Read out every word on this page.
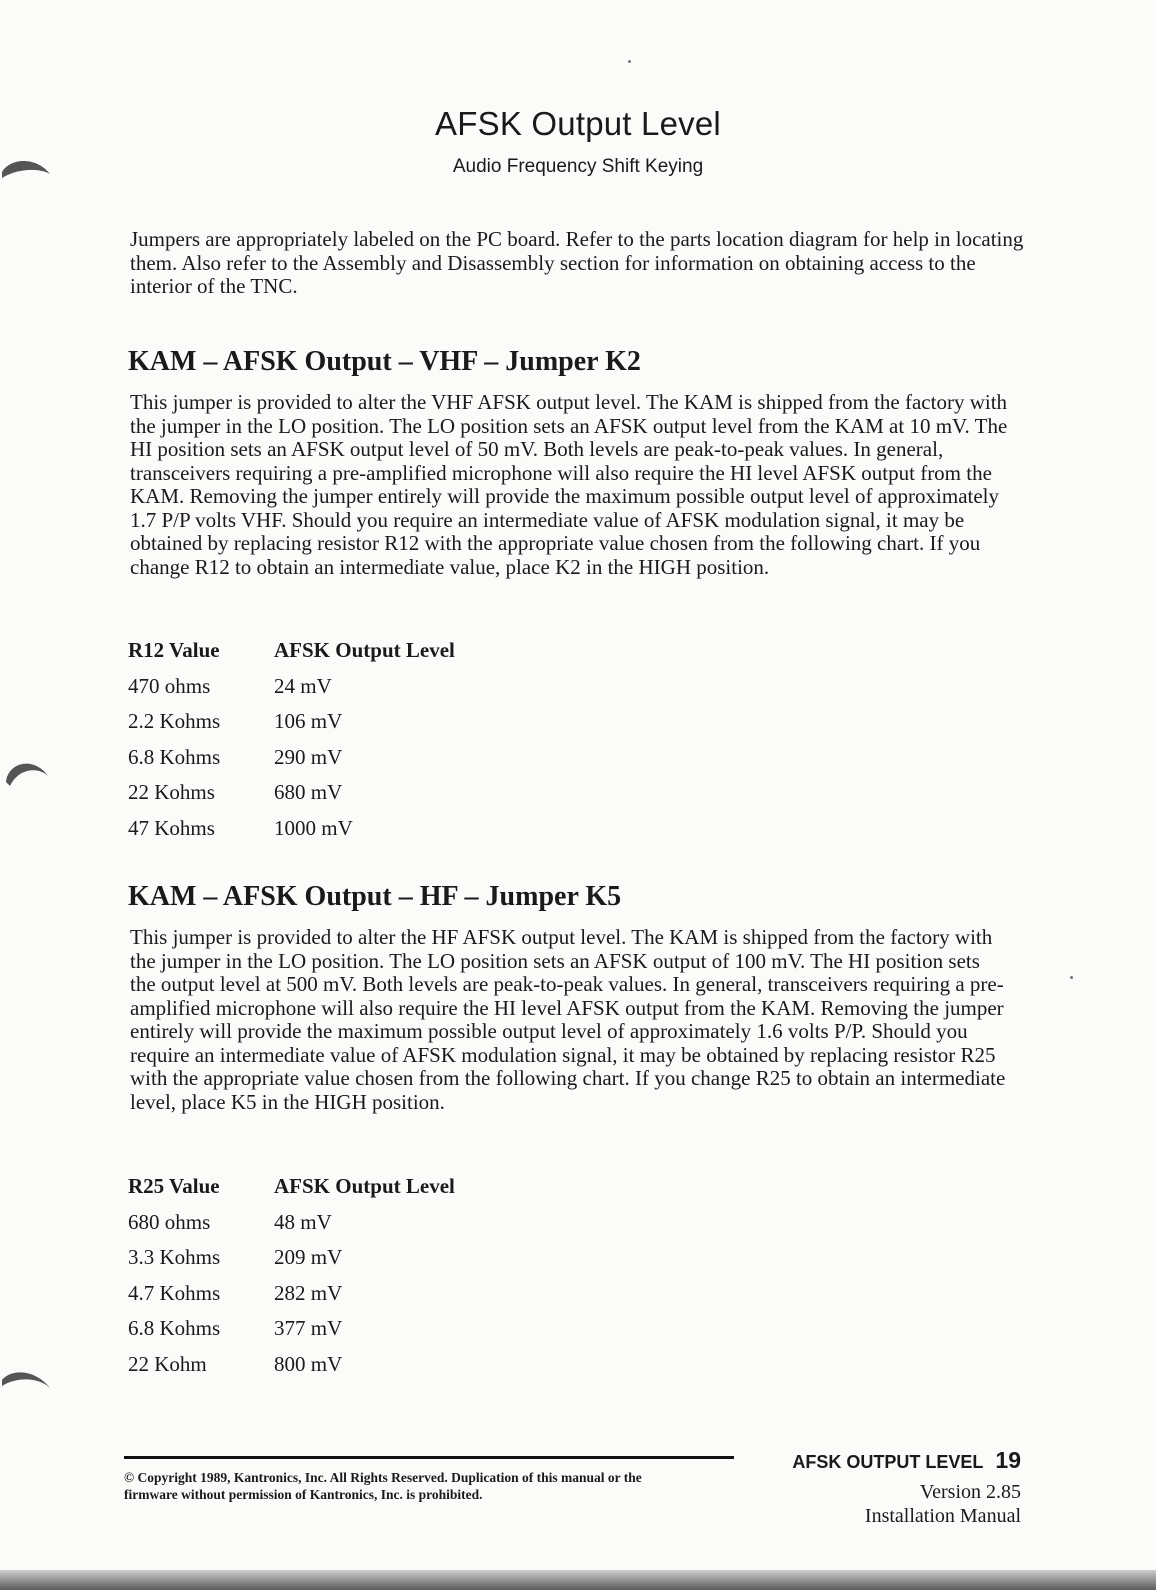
AFSK Output Level
Audio Frequency Shift Keying

Jumpers are appropriately labeled on the PC board. Refer to the parts location diagram for help in locating them. Also refer to the Assembly and Disassembly section for information on obtaining access to the interior of the TNC.

KAM – AFSK Output – VHF – Jumper K2

This jumper is provided to alter the VHF AFSK output level. The KAM is shipped from the factory with the jumper in the LO position. The LO position sets an AFSK output level from the KAM at 10 mV. The HI position sets an AFSK output level of 50 mV. Both levels are peak-to-peak values. In general, transceivers requiring a pre-amplified microphone will also require the HI level AFSK output from the KAM. Removing the jumper entirely will provide the maximum possible output level of approximately 1.7 P/P volts VHF. Should you require an intermediate value of AFSK modulation signal, it may be obtained by replacing resistor R12 with the appropriate value chosen from the following chart. If you change R12 to obtain an intermediate value, place K2 in the HIGH position.

R12 Value	AFSK Output Level
470 ohms	24 mV
2.2 Kohms	106 mV
6.8 Kohms	290 mV
22 Kohms	680 mV
47 Kohms	1000 mV
KAM – AFSK Output – HF – Jumper K5

This jumper is provided to alter the HF AFSK output level. The KAM is shipped from the factory with the jumper in the LO position. The LO position sets an AFSK output of 100 mV. The HI position sets the output level at 500 mV. Both levels are peak-to-peak values. In general, transceivers requiring a pre-amplified microphone will also require the HI level AFSK output from the KAM. Removing the jumper entirely will provide the maximum possible output level of approximately 1.6 volts P/P. Should you require an intermediate value of AFSK modulation signal, it may be obtained by replacing resistor R25 with the appropriate value chosen from the following chart. If you change R25 to obtain an intermediate level, place K5 in the HIGH position.

R25 Value	AFSK Output Level
680 ohms	48 mV
3.3 Kohms	209 mV
4.7 Kohms	282 mV
6.8 Kohms	377 mV
22 Kohm	800 mV
© Copyright 1989, Kantronics, Inc. All Rights Reserved. Duplication of this manual or the firmware without permission of Kantronics, Inc. is prohibited.
AFSK OUTPUT LEVEL 19
Version 2.85
Installation Manual
